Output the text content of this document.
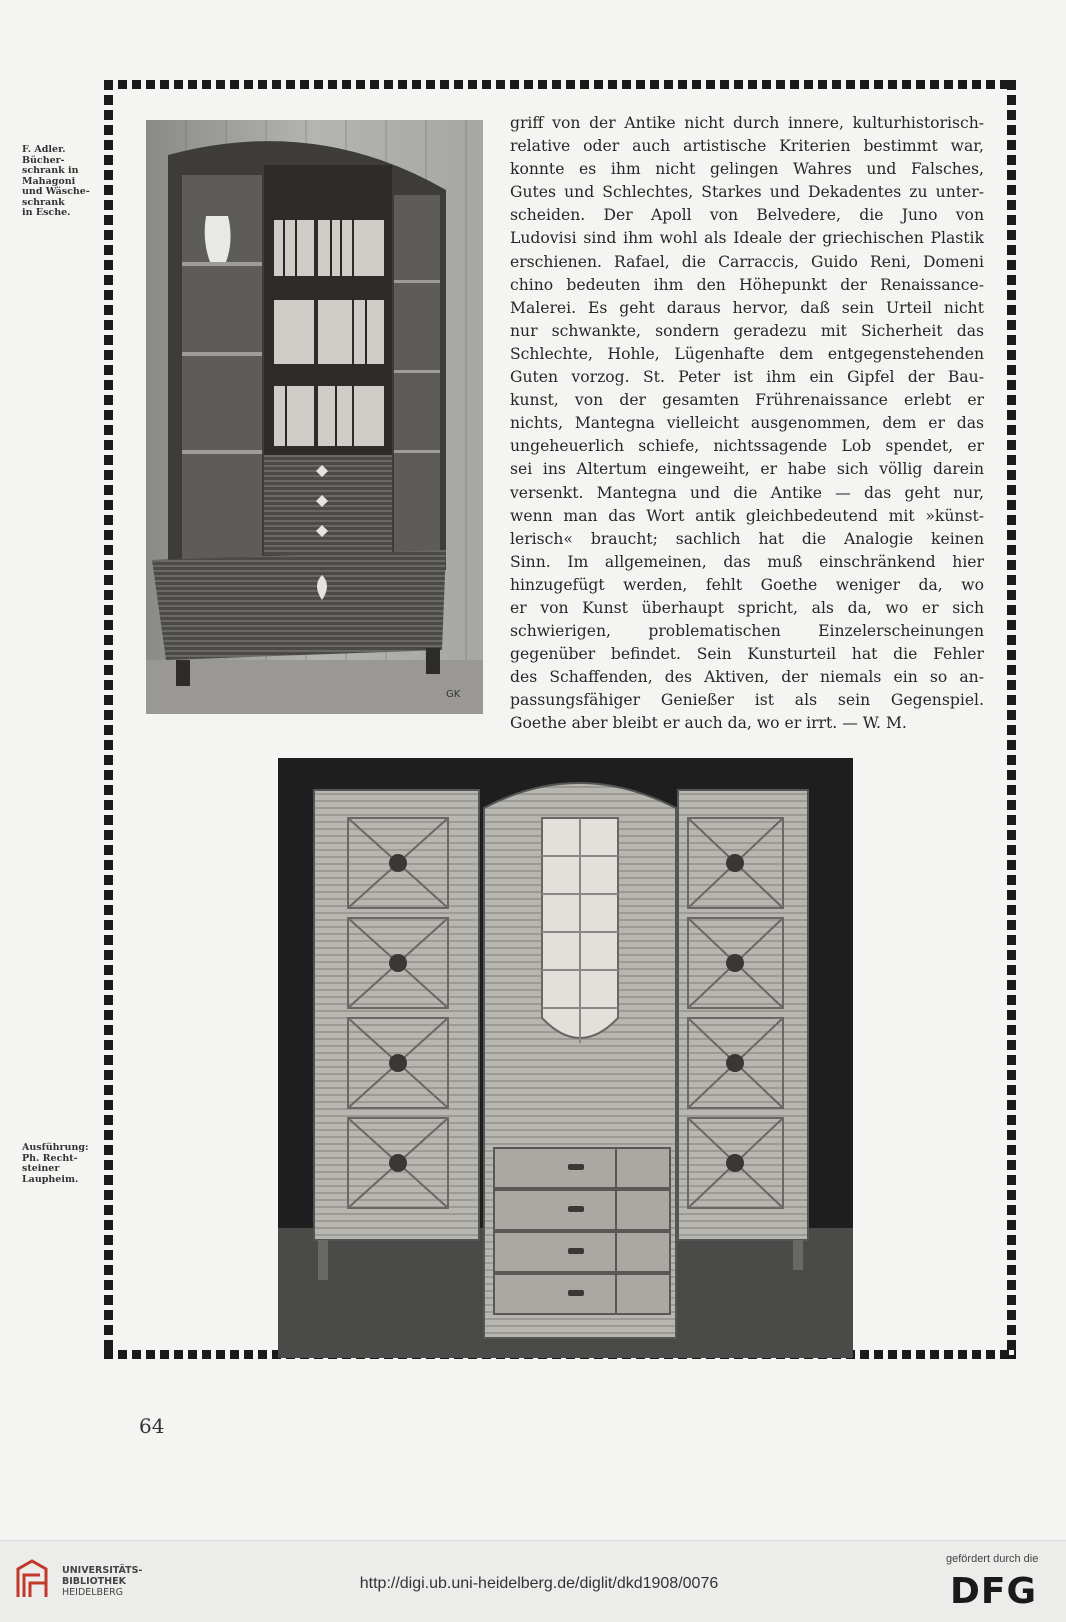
F. Adler.
Bücher-
schrank in
Mahagoni
und Wäsche-
schrank
in Esche.
Ausführung:
Ph. Recht-
steiner
Laupheim.
GK
griff von der Antike nicht durch innere, kulturhistorisch-
relative oder auch artistische Kriterien bestimmt war,
konnte es ihm nicht gelingen Wahres und Falsches,
Gutes und Schlechtes, Starkes und Dekadentes zu unter-
scheiden. Der Apoll von Belvedere, die Juno von
Ludovisi sind ihm wohl als Ideale der griechischen Plastik
erschienen. Rafael, die Carraccis, Guido Reni, Domeni
chino bedeuten ihm den Höhepunkt der Renaissance-
Malerei. Es geht daraus hervor, daß sein Urteil nicht
nur schwankte, sondern geradezu mit Sicherheit das
Schlechte, Hohle, Lügenhafte dem entgegenstehenden
Guten vorzog. St. Peter ist ihm ein Gipfel der Bau-
kunst, von der gesamten Frührenaissance erlebt er
nichts, Mantegna vielleicht ausgenommen, dem er das
ungeheuerlich schiefe, nichtssagende Lob spendet, er
sei ins Altertum eingeweiht, er habe sich völlig darein
versenkt. Mantegna und die Antike — das geht nur,
wenn man das Wort antik gleichbedeutend mit »künst-
lerisch« braucht; sachlich hat die Analogie keinen
Sinn. Im allgemeinen, das muß einschränkend hier
hinzugefügt werden, fehlt Goethe weniger da, wo
er von Kunst überhaupt spricht, als da, wo er sich
schwierigen, problematischen Einzelerscheinungen
gegenüber befindet. Sein Kunsturteil hat die Fehler
des Schaffenden, des Aktiven, der niemals ein so an-
passungsfähiger Genießer ist als sein Gegenspiel.
Goethe aber bleibt er auch da, wo er irrt. — W. M.
64
UNIVERSITÄTS-
BIBLIOTHEK
HEIDELBERG
http://digi.ub.uni-heidelberg.de/diglit/dkd1908/0076
gefördert durch die
DFG
